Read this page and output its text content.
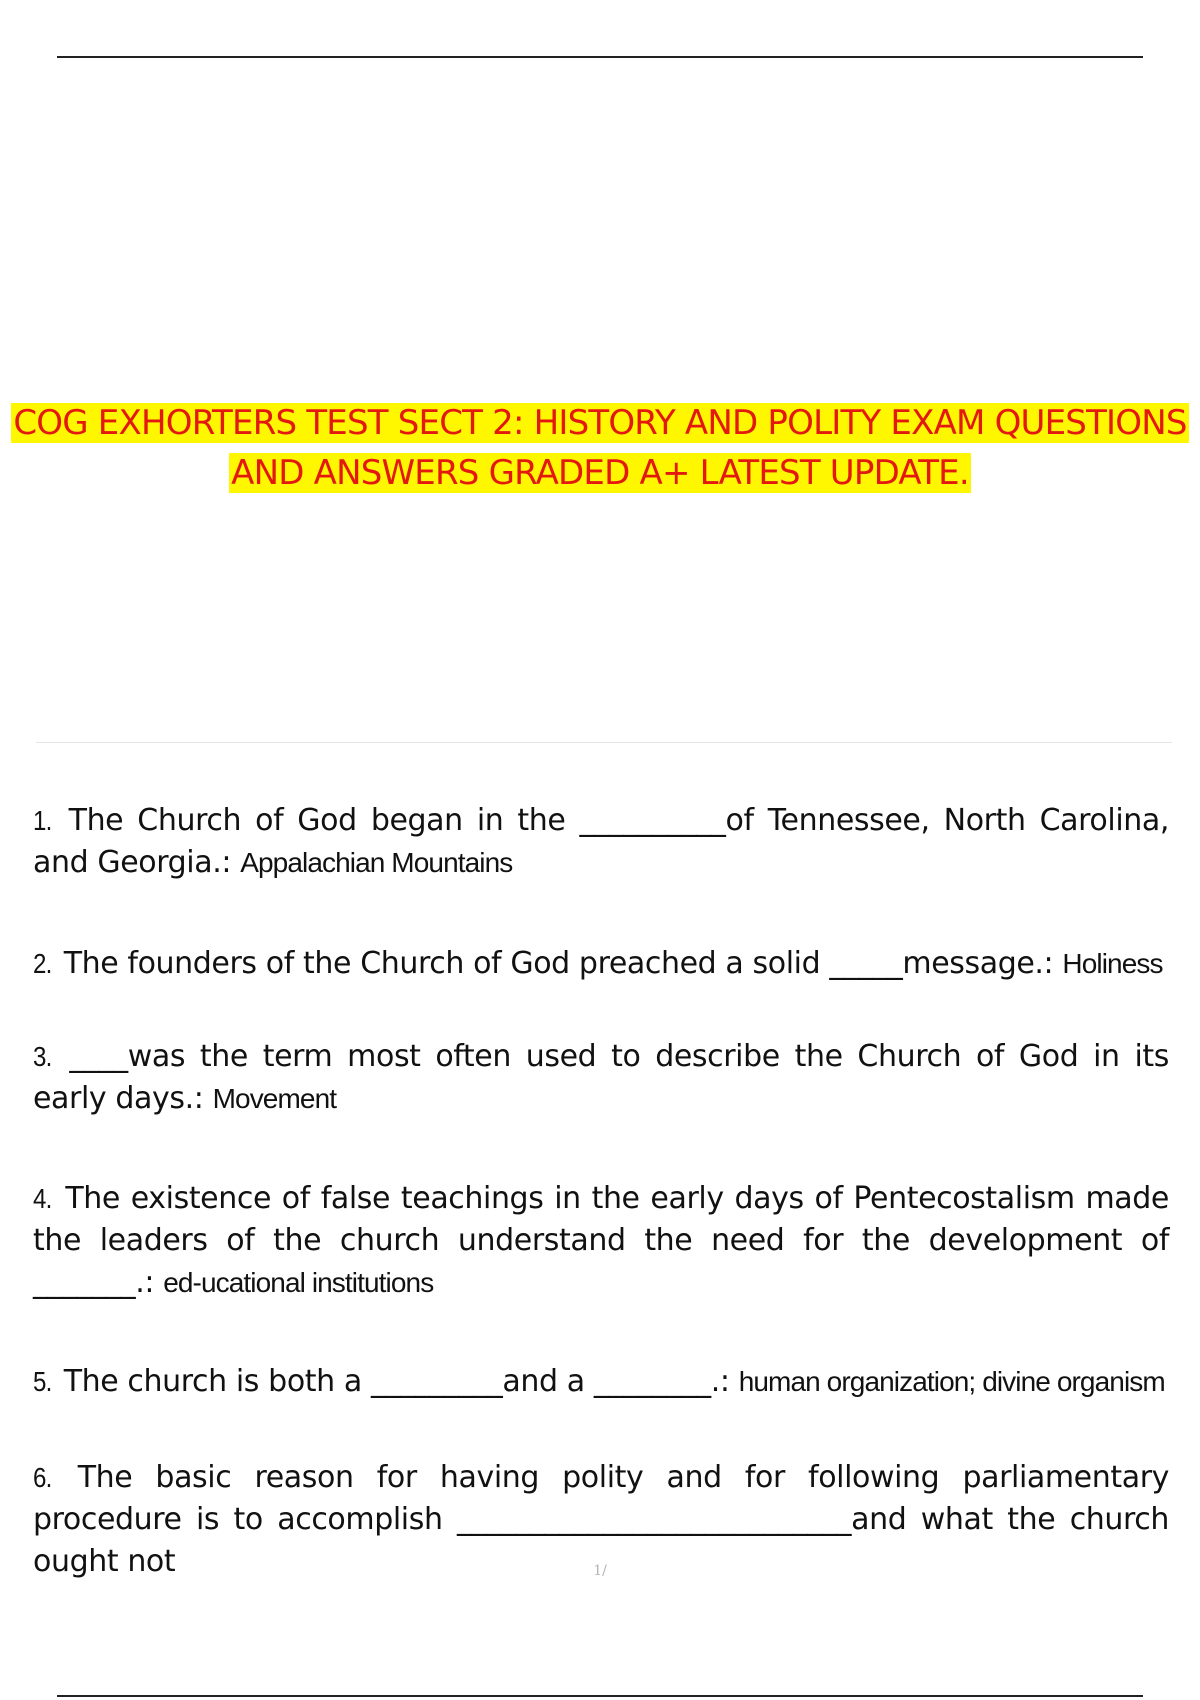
COG EXHORTERS TEST SECT 2: HISTORY AND POLITY EXAM QUESTIONS
AND ANSWERS GRADED A+ LATEST UPDATE.
1. The Church of God began in the __________of Tennessee, North Carolina, and Georgia.: Appalachian Mountains
2. The founders of the Church of God preached a solid _____message.: Holiness
3. ____was the term most often used to describe the Church of God in its early days.: Movement
4. The existence of false teachings in the early days of Pentecostalism made the leaders of the church understand the need for the development of _______.: ed-ucational institutions
5. The church is both a _________and a ________.: human organization; divine organism
6. The basic reason for having polity and for following parliamentary procedure is to accomplish ___________________________and what the church ought not	1/
